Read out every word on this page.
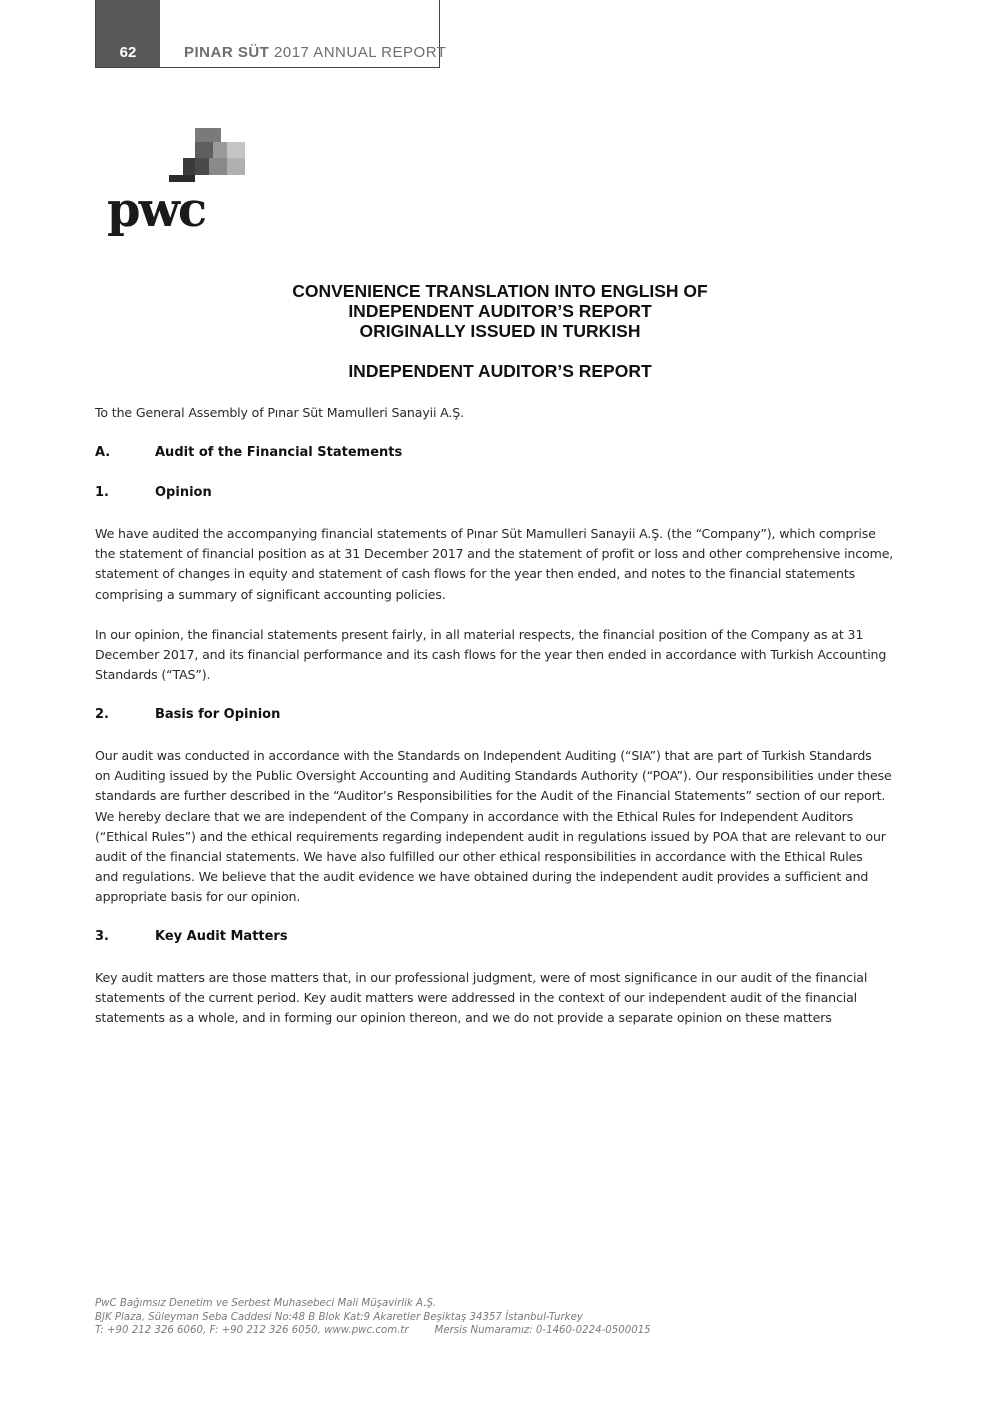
62	PINAR SÜT 2017 ANNUAL REPORT
pwc
CONVENIENCE TRANSLATION INTO ENGLISH OF
INDEPENDENT AUDITOR’S REPORT
ORIGINALLY ISSUED IN TURKISH
INDEPENDENT AUDITOR’S REPORT
To the General Assembly of Pınar Süt Mamulleri Sanayii A.Ş.
A.	Audit of the Financial Statements
1.	Opinion
We have audited the accompanying financial statements of Pınar Süt Mamulleri Sanayii A.Ş. (the “Company”), which comprise
the statement of financial position as at 31 December 2017 and the statement of profit or loss and other comprehensive income,
statement of changes in equity and statement of cash flows for the year then ended, and notes to the financial statements
comprising a summary of significant accounting policies.
In our opinion, the financial statements present fairly, in all material respects, the financial position of the Company as at 31
December 2017, and its financial performance and its cash flows for the year then ended in accordance with Turkish Accounting
Standards (“TAS”).
2.	Basis for Opinion
Our audit was conducted in accordance with the Standards on Independent Auditing (“SIA”) that are part of Turkish Standards
on Auditing issued by the Public Oversight Accounting and Auditing Standards Authority (“POA”). Our responsibilities under these
standards are further described in the “Auditor’s Responsibilities for the Audit of the Financial Statements” section of our report.
We hereby declare that we are independent of the Company in accordance with the Ethical Rules for Independent Auditors
(“Ethical Rules”) and the ethical requirements regarding independent audit in regulations issued by POA that are relevant to our
audit of the financial statements. We have also fulfilled our other ethical responsibilities in accordance with the Ethical Rules
and regulations. We believe that the audit evidence we have obtained during the independent audit provides a sufficient and
appropriate basis for our opinion.
3.	Key Audit Matters
Key audit matters are those matters that, in our professional judgment, were of most significance in our audit of the financial
statements of the current period. Key audit matters were addressed in the context of our independent audit of the financial
statements as a whole, and in forming our opinion thereon, and we do not provide a separate opinion on these matters
PwC Bağımsız Denetim ve Serbest Muhasebeci Mali Müşavirlik A.Ş.
BJK Plaza, Süleyman Seba Caddesi No:48 B Blok Kat:9 Akaretler Beşiktaş 34357 İstanbul-Turkey
T: +90 212 326 6060, F: +90 212 326 6050, www.pwc.com.tr	Mersis Numaramız: 0-1460-0224-0500015
